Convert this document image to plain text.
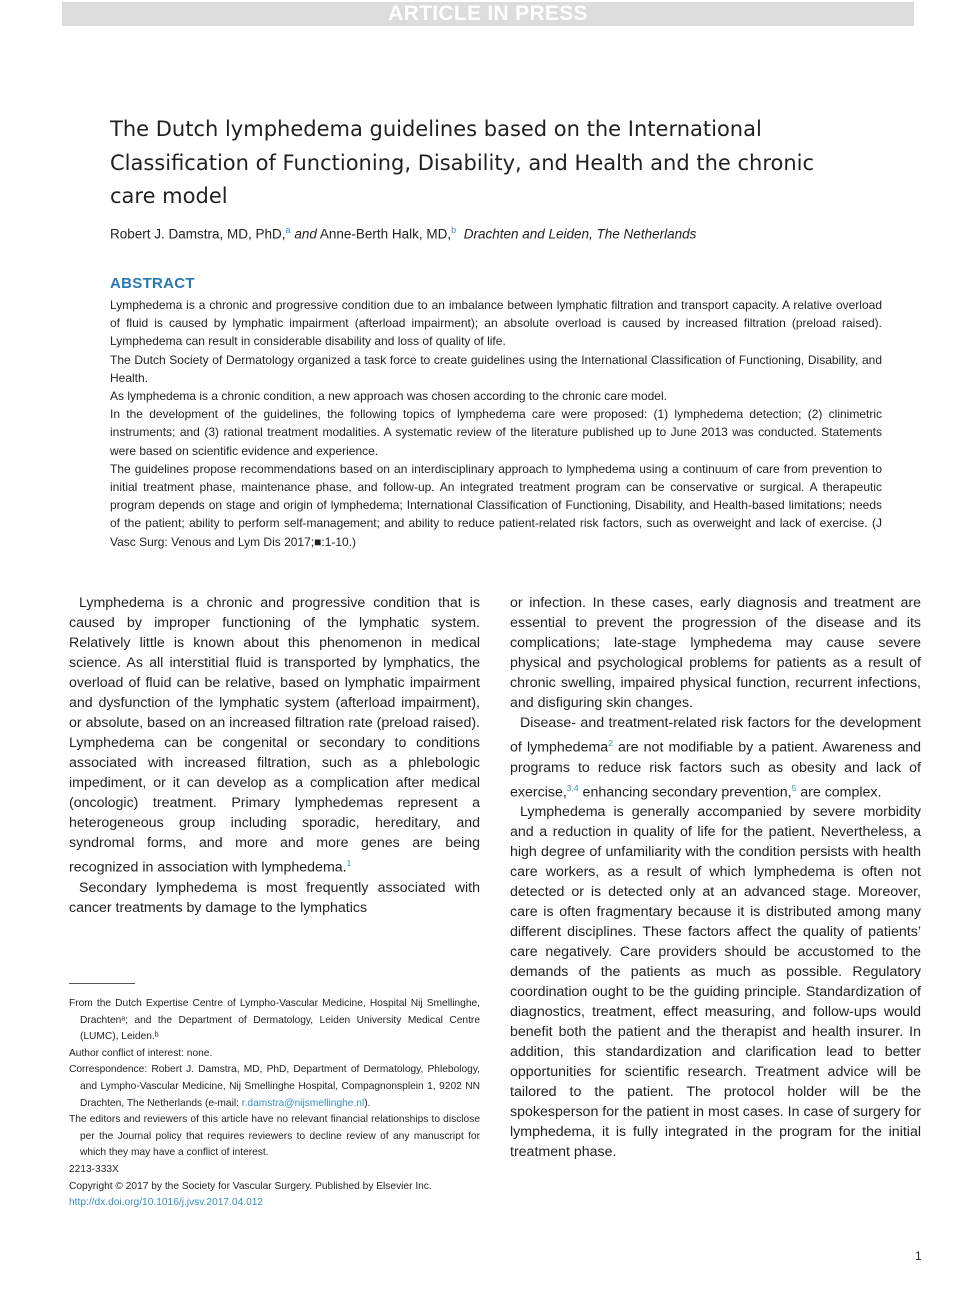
ARTICLE IN PRESS
The Dutch lymphedema guidelines based on the International Classification of Functioning, Disability, and Health and the chronic care model
Robert J. Damstra, MD, PhD,$^a$ and Anne-Berth Halk, MD,$^b$ Drachten and Leiden, The Netherlands
ABSTRACT

Lymphedema is a chronic and progressive condition due to an imbalance between lymphatic filtration and transport capacity. A relative overload of fluid is caused by lymphatic impairment (afterload impairment); an absolute overload is caused by increased filtration (preload raised). Lymphedema can result in considerable disability and loss of quality of life.

The Dutch Society of Dermatology organized a task force to create guidelines using the International Classification of Functioning, Disability, and Health.

As lymphedema is a chronic condition, a new approach was chosen according to the chronic care model.

In the development of the guidelines, the following topics of lymphedema care were proposed: (1) lymphedema detection; (2) clinimetric instruments; and (3) rational treatment modalities. A systematic review of the literature published up to June 2013 was conducted. Statements were based on scientific evidence and experience.

The guidelines propose recommendations based on an interdisciplinary approach to lymphedema using a continuum of care from prevention to initial treatment phase, maintenance phase, and follow-up. An integrated treatment program can be conservative or surgical. A therapeutic program depends on stage and origin of lymphedema; International Classification of Functioning, Disability, and Health-based limitations; needs of the patient; ability to perform self-management; and ability to reduce patient-related risk factors, such as overweight and lack of exercise. (J Vasc Surg: Venous and Lym Dis 2017;■:1-10.)

Lymphedema is a chronic and progressive condition that is caused by improper functioning of the lymphatic system. Relatively little is known about this phenomenon in medical science. As all interstitial fluid is transported by lymphatics, the overload of fluid can be relative, based on lymphatic impairment and dysfunction of the lymphatic system (afterload impairment), or absolute, based on an increased filtration rate (preload raised). Lymphedema can be congenital or secondary to conditions associated with increased filtration, such as a phlebologic impediment, or it can develop as a complication after medical (oncologic) treatment. Primary lymphedemas represent a heterogeneous group including sporadic, hereditary, and syndromal forms, and more and more genes are being recognized in association with lymphedema.$^1$

Secondary lymphedema is most frequently associated with cancer treatments by damage to the lymphatics

From the Dutch Expertise Centre of Lympho-Vascular Medicine, Hospital Nij Smellinghe, Drachtenᵃ; and the Department of Dermatology, Leiden University Medical Centre (LUMC), Leiden.ᵇ

Author conflict of interest: none.

Correspondence: Robert J. Damstra, MD, PhD, Department of Dermatology, Phlebology, and Lympho-Vascular Medicine, Nij Smellinghe Hospital, Compagnonsplein 1, 9202 NN Drachten, The Netherlands (e-mail: r.damstra@nijsmellinghe.nl).

The editors and reviewers of this article have no relevant financial relationships to disclose per the Journal policy that requires reviewers to decline review of any manuscript for which they may have a conflict of interest.

2213-333X

Copyright © 2017 by the Society for Vascular Surgery. Published by Elsevier Inc.

http://dx.doi.org/10.1016/j.jvsv.2017.04.012

or infection. In these cases, early diagnosis and treatment are essential to prevent the progression of the disease and its complications; late-stage lymphedema may cause severe physical and psychological problems for patients as a result of chronic swelling, impaired physical function, recurrent infections, and disfiguring skin changes.

Disease- and treatment-related risk factors for the development of lymphedema$^2$ are not modifiable by a patient. Awareness and programs to reduce risk factors such as obesity and lack of exercise,$^{3,4}$ enhancing secondary prevention,$^5$ are complex.

Lymphedema is generally accompanied by severe morbidity and a reduction in quality of life for the patient. Nevertheless, a high degree of unfamiliarity with the condition persists with health care workers, as a result of which lymphedema is often not detected or is detected only at an advanced stage. Moreover, care is often fragmentary because it is distributed among many different disciplines. These factors affect the quality of patients’ care negatively. Care providers should be accustomed to the demands of the patients as much as possible. Regulatory coordination ought to be the guiding principle. Standardization of diagnostics, treatment, effect measuring, and follow-ups would benefit both the patient and the therapist and health insurer. In addition, this standardization and clarification lead to better opportunities for scientific research. Treatment advice will be tailored to the patient. The protocol holder will be the spokesperson for the patient in most cases. In case of surgery for lymphedema, it is fully integrated in the program for the initial treatment phase.

1
